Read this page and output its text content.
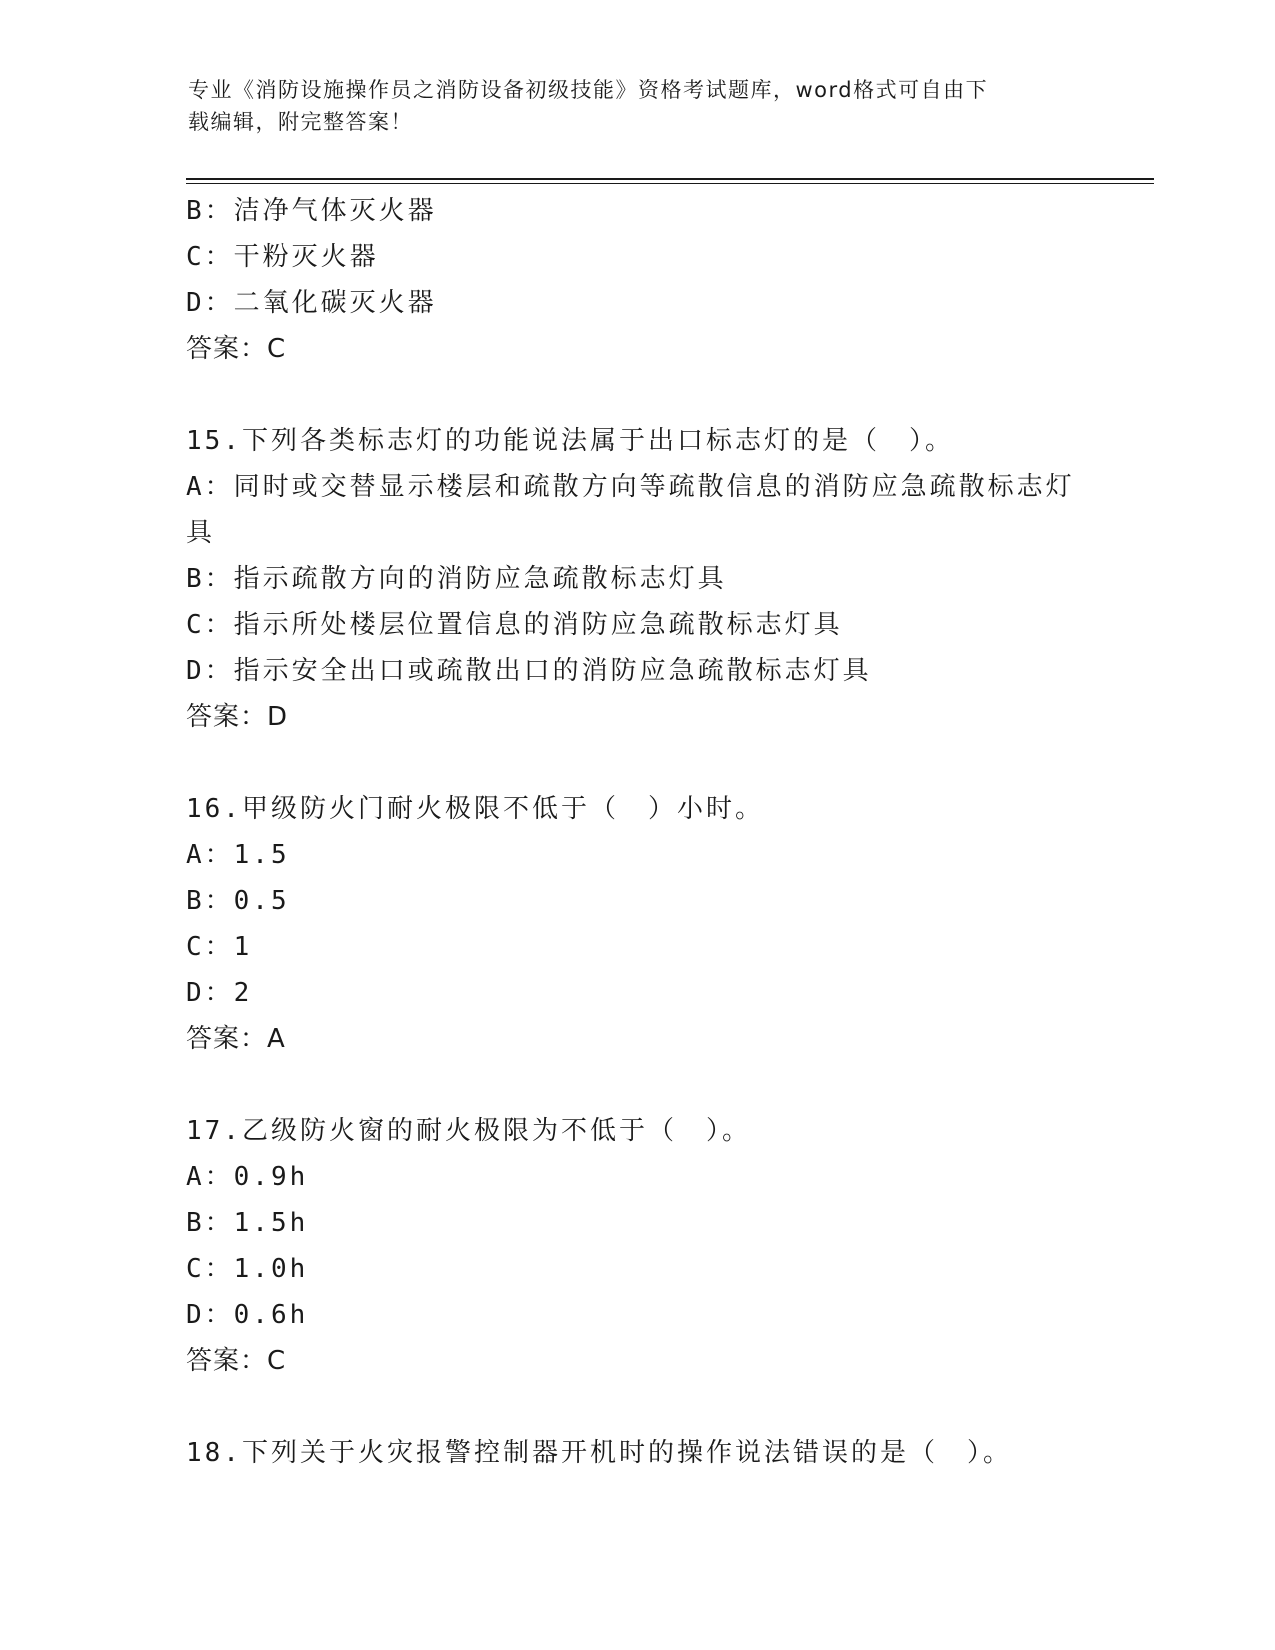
专业《消防设施操作员之消防设备初级技能》资格考试题库，word格式可自由下
载编辑，附完整答案！
B：洁净气体灭火器
C：干粉灭火器
D：二氧化碳灭火器
答案：C
15.下列各类标志灯的功能说法属于出口标志灯的是（　）。
A：同时或交替显示楼层和疏散方向等疏散信息的消防应急疏散标志灯具
B：指示疏散方向的消防应急疏散标志灯具
C：指示所处楼层位置信息的消防应急疏散标志灯具
D：指示安全出口或疏散出口的消防应急疏散标志灯具
答案：D
16.甲级防火门耐火极限不低于（　）小时。
A：1.5
B：0.5
C：1
D：2
答案：A
17.乙级防火窗的耐火极限为不低于（　）。
A：0.9h
B：1.5h
C：1.0h
D：0.6h
答案：C
18.下列关于火灾报警控制器开机时的操作说法错误的是（　）。
